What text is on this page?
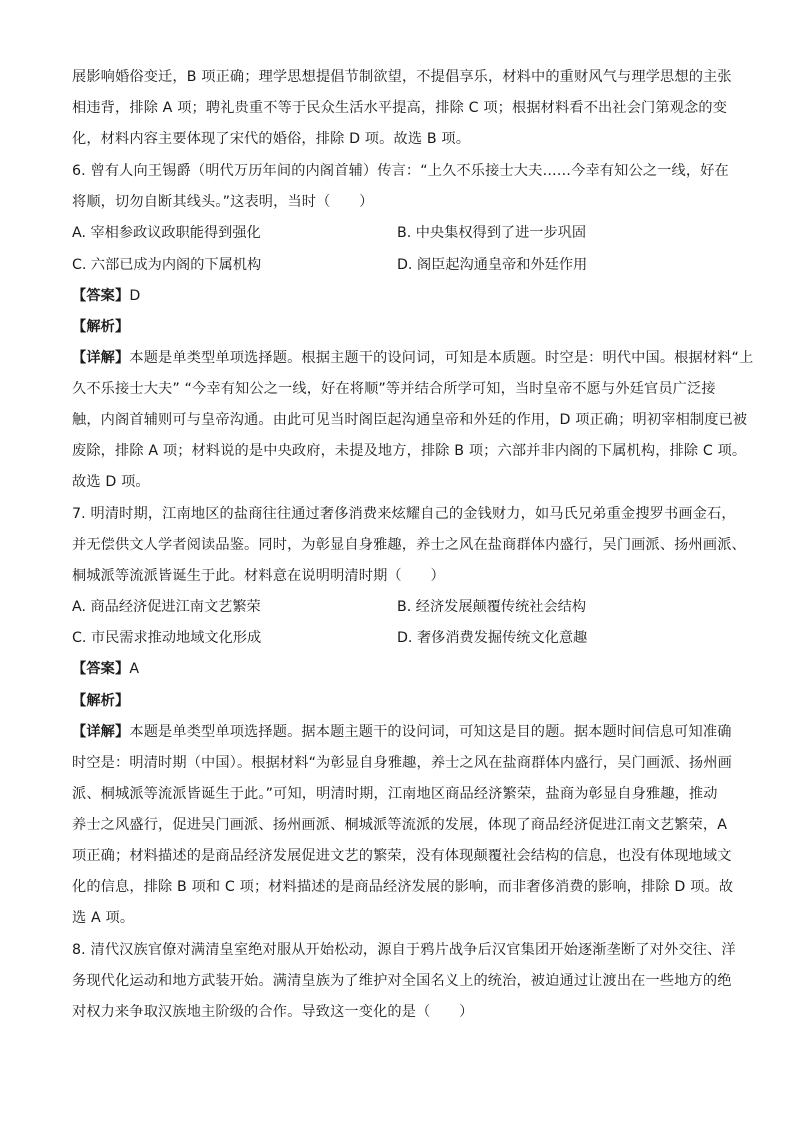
展影响婚俗变迁，B 项正确；理学思想提倡节制欲望，不提倡享乐，材料中的重财风气与理学思想的主张
相违背，排除 A 项；聘礼贵重不等于民众生活水平提高，排除 C 项；根据材料看不出社会门第观念的变
化，材料内容主要体现了宋代的婚俗，排除 D 项。故选 B 项。
6. 曾有人向王锡爵（明代万历年间的内阁首辅）传言：“上久不乐接士大夫……今幸有知公之一线，好在
将顺，切勿自断其线头。”这表明，当时（　　）
A. 宰相参政议政职能得到强化	B. 中央集权得到了进一步巩固
C. 六部已成为内阁的下属机构	D. 阁臣起沟通皇帝和外廷作用
【答案】D
【解析】
【详解】本题是单类型单项选择题。根据主题干的设问词，可知是本质题。时空是：明代中国。根据材料“上
久不乐接士大夫” “今幸有知公之一线，好在将顺”等并结合所学可知，当时皇帝不愿与外廷官员广泛接
触，内阁首辅则可与皇帝沟通。由此可见当时阁臣起沟通皇帝和外廷的作用，D 项正确；明初宰相制度已被
废除，排除 A 项；材料说的是中央政府，未提及地方，排除 B 项；六部并非内阁的下属机构，排除 C 项。
故选 D 项。
7. 明清时期，江南地区的盐商往往通过奢侈消费来炫耀自己的金钱财力，如马氏兄弟重金搜罗书画金石，
并无偿供文人学者阅读品鉴。同时，为彰显自身雅趣，养士之风在盐商群体内盛行，吴门画派、扬州画派、
桐城派等流派皆诞生于此。材料意在说明明清时期（　　）
A. 商品经济促进江南文艺繁荣	B. 经济发展颠覆传统社会结构
C. 市民需求推动地域文化形成	D. 奢侈消费发掘传统文化意趣
【答案】A
【解析】
【详解】本题是单类型单项选择题。据本题主题干的设问词，可知这是目的题。据本题时间信息可知准确
时空是：明清时期（中国）。根据材料“为彰显自身雅趣，养士之风在盐商群体内盛行，吴门画派、扬州画
派、桐城派等流派皆诞生于此。”可知，明清时期，江南地区商品经济繁荣，盐商为彰显自身雅趣，推动
养士之风盛行，促进吴门画派、扬州画派、桐城派等流派的发展，体现了商品经济促进江南文艺繁荣，A
项正确；材料描述的是商品经济发展促进文艺的繁荣，没有体现颠覆社会结构的信息，也没有体现地域文
化的信息，排除 B 项和 C 项；材料描述的是商品经济发展的影响，而非奢侈消费的影响，排除 D 项。故
选 A 项。
8. 清代汉族官僚对满清皇室绝对服从开始松动，源自于鸦片战争后汉官集团开始逐渐垄断了对外交往、洋
务现代化运动和地方武装开始。满清皇族为了维护对全国名义上的统治，被迫通过让渡出在一些地方的绝
对权力来争取汉族地主阶级的合作。导致这一变化的是（　　）
